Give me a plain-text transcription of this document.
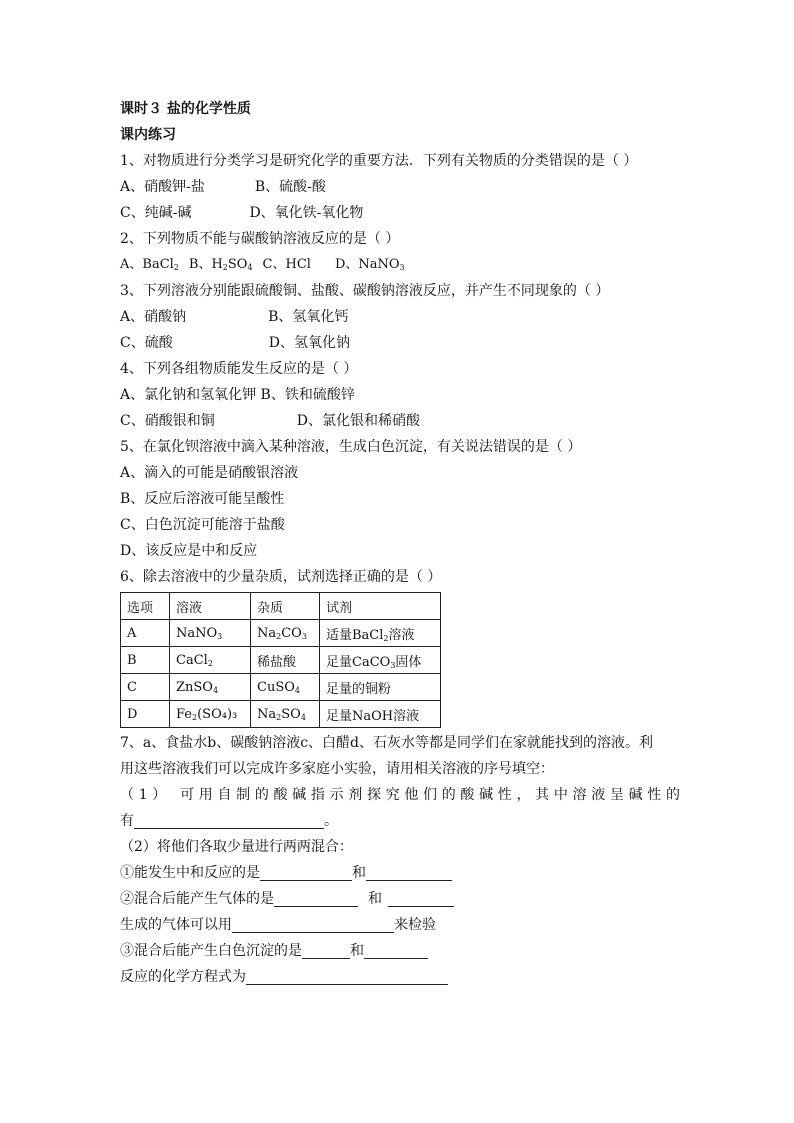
课时３ 盐的化学性质
课内练习
1、对物质进行分类学习是研究化学的重要方法．下列有关物质的分类错误的是（ ）
A、硝酸钾-盐	B、硫酸-酸
C、纯碱-碱	D、氧化铁-氧化物
2、下列物质不能与碳酸钠溶液反应的是（ ）
A、BaCl$_2$ B、$H_2SO_4$ C、HCl D、NaNO$_3$
3、下列溶液分别能跟硫酸铜、盐酸、碳酸钠溶液反应，并产生不同现象的（ ）
A、硝酸钠	B、氢氧化钙
C、硫酸	D、氢氧化钠
4、下列各组物质能发生反应的是（ ）
A、氯化钠和氢氧化钾 B、铁和硫酸锌
C、硝酸银和铜	D、氯化银和稀硝酸
5、在氯化钡溶液中滴入某种溶液，生成白色沉淀，有关说法错误的是（ ）
A、滴入的可能是硝酸银溶液
B、反应后溶液可能呈酸性
C、白色沉淀可能溶于盐酸
D、该反应是中和反应
6、除去溶液中的少量杂质，试剂选择正确的是（ ）
选项	溶液	杂质	试剂
A	NaNO$_3$	$Na_2CO_3$	适量BaCl$_2$溶液
B	CaCl$_2$	稀盐酸	足量CaCO$_3$固体
C	ZnSO$_4$	CuSO$_4$	足量的铜粉
D	$Fe_2(SO_4)_3$	$Na_2SO_4$	足量NaOH溶液
7、a、食盐水b、碳酸钠溶液c、白醋d、石灰水等都是同学们在家就能找到的溶液。利
用这些溶液我们可以完成许多家庭小实验，请用相关溶液的序号填空：
（1） 可用自制的酸碱指示剂探究他们的酸碱性，其中溶液呈碱性的
有	。
（2）将他们各取少量进行两两混合：
①能发生中和反应的是	和
②混合后能产生气体的是	和
生成的气体可以用	来检验
③混合后能产生白色沉淀的是	和
反应的化学方程式为
